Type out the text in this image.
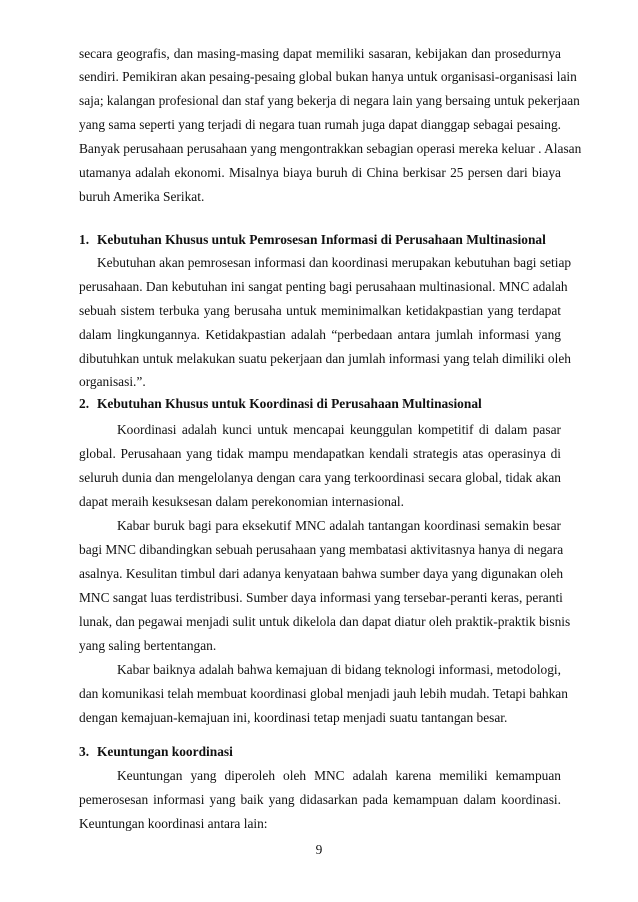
secara geografis, dan masing-masing dapat memiliki sasaran, kebijakan dan prosedurnya
sendiri. Pemikiran akan pesaing-pesaing global bukan hanya untuk organisasi-organisasi lain
saja; kalangan profesional dan staf yang bekerja di negara lain yang bersaing untuk pekerjaan
yang sama seperti yang terjadi di negara tuan rumah juga dapat dianggap sebagai pesaing.
Banyak perusahaan perusahaan yang mengontrakkan sebagian operasi mereka keluar . Alasan
utamanya adalah ekonomi. Misalnya biaya buruh di China berkisar 25 persen dari biaya
buruh Amerika Serikat.
1. Kebutuhan Khusus untuk Pemrosesan Informasi di Perusahaan Multinasional
Kebutuhan akan pemrosesan informasi dan koordinasi merupakan kebutuhan bagi setiap
perusahaan. Dan kebutuhan ini sangat penting bagi perusahaan multinasional. MNC adalah
sebuah sistem terbuka yang berusaha untuk meminimalkan ketidakpastian yang terdapat
dalam lingkungannya. Ketidakpastian adalah “perbedaan antara jumlah informasi yang
dibutuhkan untuk melakukan suatu pekerjaan dan jumlah informasi yang telah dimiliki oleh
organisasi.”.
2. Kebutuhan Khusus untuk Koordinasi di Perusahaan Multinasional
Koordinasi adalah kunci untuk mencapai keunggulan kompetitif di dalam pasar
global. Perusahaan yang tidak mampu mendapatkan kendali strategis atas operasinya di
seluruh dunia dan mengelolanya dengan cara yang terkoordinasi secara global, tidak akan
dapat meraih kesuksesan dalam perekonomian internasional.
Kabar buruk bagi para eksekutif MNC adalah tantangan koordinasi semakin besar
bagi MNC dibandingkan sebuah perusahaan yang membatasi aktivitasnya hanya di negara
asalnya. Kesulitan timbul dari adanya kenyataan bahwa sumber daya yang digunakan oleh
MNC sangat luas terdistribusi. Sumber daya informasi yang tersebar-peranti keras, peranti
lunak, dan pegawai menjadi sulit untuk dikelola dan dapat diatur oleh praktik-praktik bisnis
yang saling bertentangan.
Kabar baiknya adalah bahwa kemajuan di bidang teknologi informasi, metodologi,
dan komunikasi telah membuat koordinasi global menjadi jauh lebih mudah. Tetapi bahkan
dengan kemajuan-kemajuan ini, koordinasi tetap menjadi suatu tantangan besar.
3. Keuntungan koordinasi
Keuntungan yang diperoleh oleh MNC adalah karena memiliki kemampuan
pemerosesan informasi yang baik yang didasarkan pada kemampuan dalam koordinasi.
Keuntungan koordinasi antara lain:
9
